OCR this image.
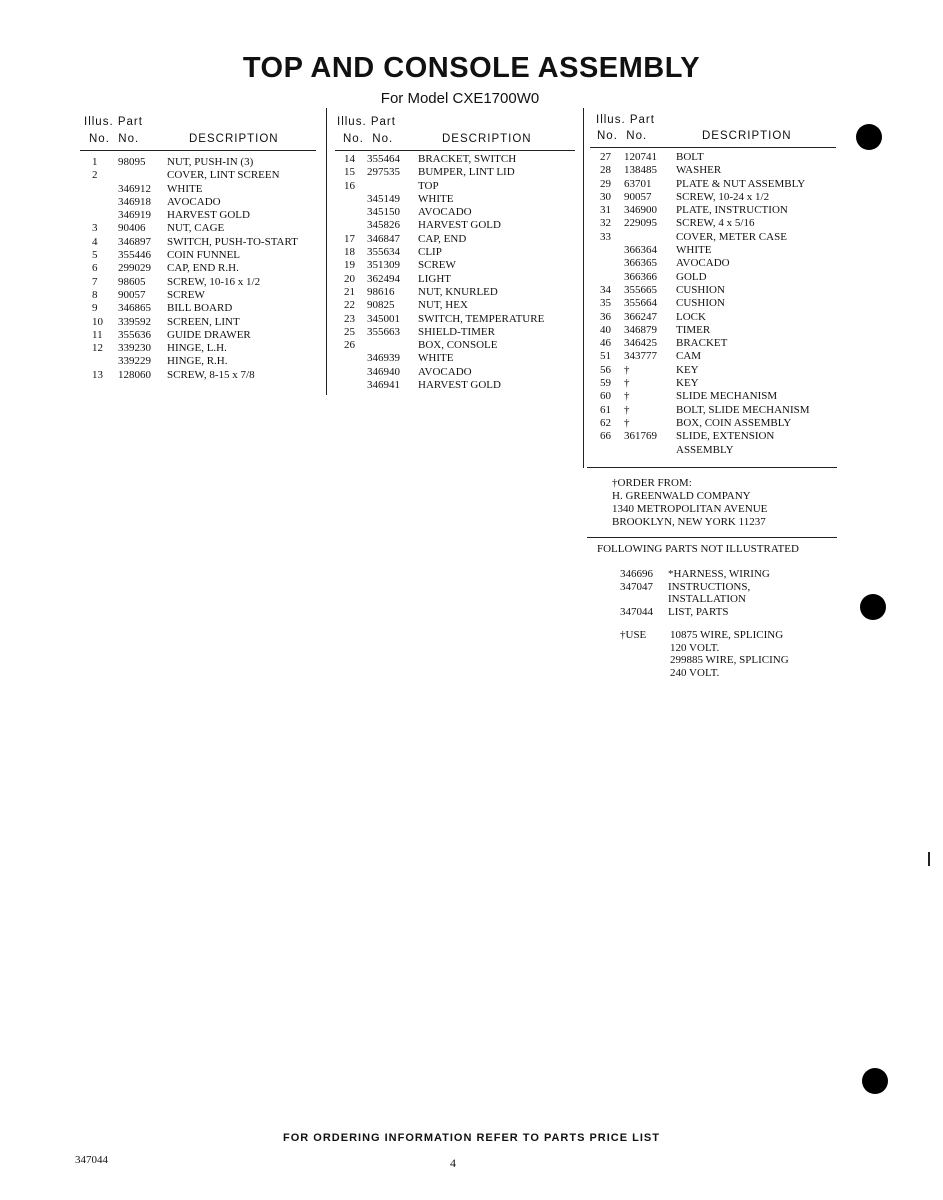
TOP AND CONSOLE ASSEMBLY
For Model CXE1700W0
Illus. Part
No. No.	DESCRIPTION
Illus. Part
No. No.	DESCRIPTION
Illus. Part
No. No.	DESCRIPTION
1 98095 NUT, PUSH-IN (3)
2	COVER, LINT SCREEN
346912 WHITE
346918 AVOCADO
346919 HARVEST GOLD
3 90406 NUT, CAGE
4 346897 SWITCH, PUSH-TO-START
5 355446 COIN FUNNEL
6 299029 CAP, END R.H.
7 98605 SCREW, 10-16 x 1/2
8 90057 SCREW
9 346865 BILL BOARD
10 339592 SCREEN, LINT
11 355636 GUIDE DRAWER
12 339230 HINGE, L.H.
339229 HINGE, R.H.
13 128060 SCREW, 8-15 x 7/8
14 355464 BRACKET, SWITCH
15 297535 BUMPER, LINT LID
16	TOP
345149 WHITE
345150 AVOCADO
345826 HARVEST GOLD
17 346847 CAP, END
18 355634 CLIP
19 351309 SCREW
20 362494 LIGHT
21 98616 NUT, KNURLED
22 90825 NUT, HEX
23 345001 SWITCH, TEMPERATURE
25 355663 SHIELD-TIMER
26	BOX, CONSOLE
346939 WHITE
346940 AVOCADO
346941 HARVEST GOLD
27 120741 BOLT
28 138485 WASHER
29 63701 PLATE & NUT ASSEMBLY
30 90057 SCREW, 10-24 x 1/2
31 346900 PLATE, INSTRUCTION
32 229095 SCREW, 4 x 5/16
33	COVER, METER CASE
366364 WHITE
366365 AVOCADO
366366 GOLD
34 355665 CUSHION
35 355664 CUSHION
36 366247 LOCK
40 346879 TIMER
46 346425 BRACKET
51 343777 CAM
56 †	KEY
59 †	KEY
60 †	SLIDE MECHANISM
61 †	BOLT, SLIDE MECHANISM
62 †	BOX, COIN ASSEMBLY
66 361769 SLIDE, EXTENSION
ASSEMBLY
†ORDER FROM:
H. GREENWALD COMPANY
1340 METROPOLITAN AVENUE
BROOKLYN, NEW YORK 11237
FOLLOWING PARTS NOT ILLUSTRATED
346696 *HARNESS, WIRING
347047 INSTRUCTIONS,
INSTALLATION
347044 LIST, PARTS
†USE 10875 WIRE, SPLICING
120 VOLT.
299885 WIRE, SPLICING
240 VOLT.
FOR ORDERING INFORMATION REFER TO PARTS PRICE LIST
347044	4
